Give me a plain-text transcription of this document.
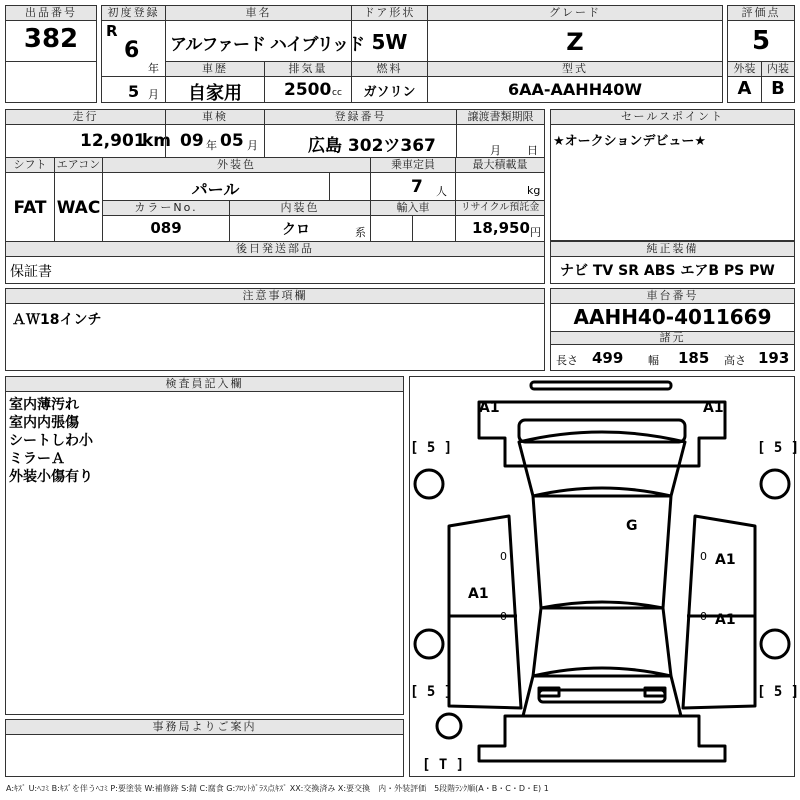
出品番号
382
初度登録
R
6
年
5 月
車名
アルファード ハイブリッド
ドア形状
5W
グレード
Z
評価点
5
車歴
自家用
排気量
2500 cc
燃料
ガソリン
型式
6AA-AAHH40W
外装	内装
A	B
走行
12,901
km
車検
09 年 05 月
登録番号
広島 302ツ367
譲渡書類期限
月 日
セールスポイント
★オークションデビュー★
シフト エアコン
FAT WAC
外装色
パール
乗車定員
7 人
最大積載量
kg
カラーNo.
089
内装色
クロ	系
輸入車	リサイクル預託金
18,950 円
後日発送部品
保証書
純正装備
ナビ TV SR ABS エアB PS PW
注意事項欄
ＡＷ18インチ
車台番号
AAHH40-4011669
諸元
長さ 499 幅 185 高さ 193
検査員記入欄
室内薄汚れ
室内内張傷
シートしわ小
ミラーＡ
外装小傷有り
事務局よりご案内
A1	A1
G
A1
A1
A1
0	0
0	0
[ 5 ]	[ 5 ]
[ 5 ]	[ 5 ]
[ T ]
A:ｷｽﾞ U:ﾍｺﾐ B:ｷｽﾞを伴うﾍｺﾐ P:要塗装 W:補修跡 S:錆 C:腐食 G:ﾌﾛﾝﾄｶﾞﾗｽ点ｷｽﾞ XX:交換済み X:要交換　内・外装評価　5段階ﾗﾝｸ順(A・B・C・D・E) 1
